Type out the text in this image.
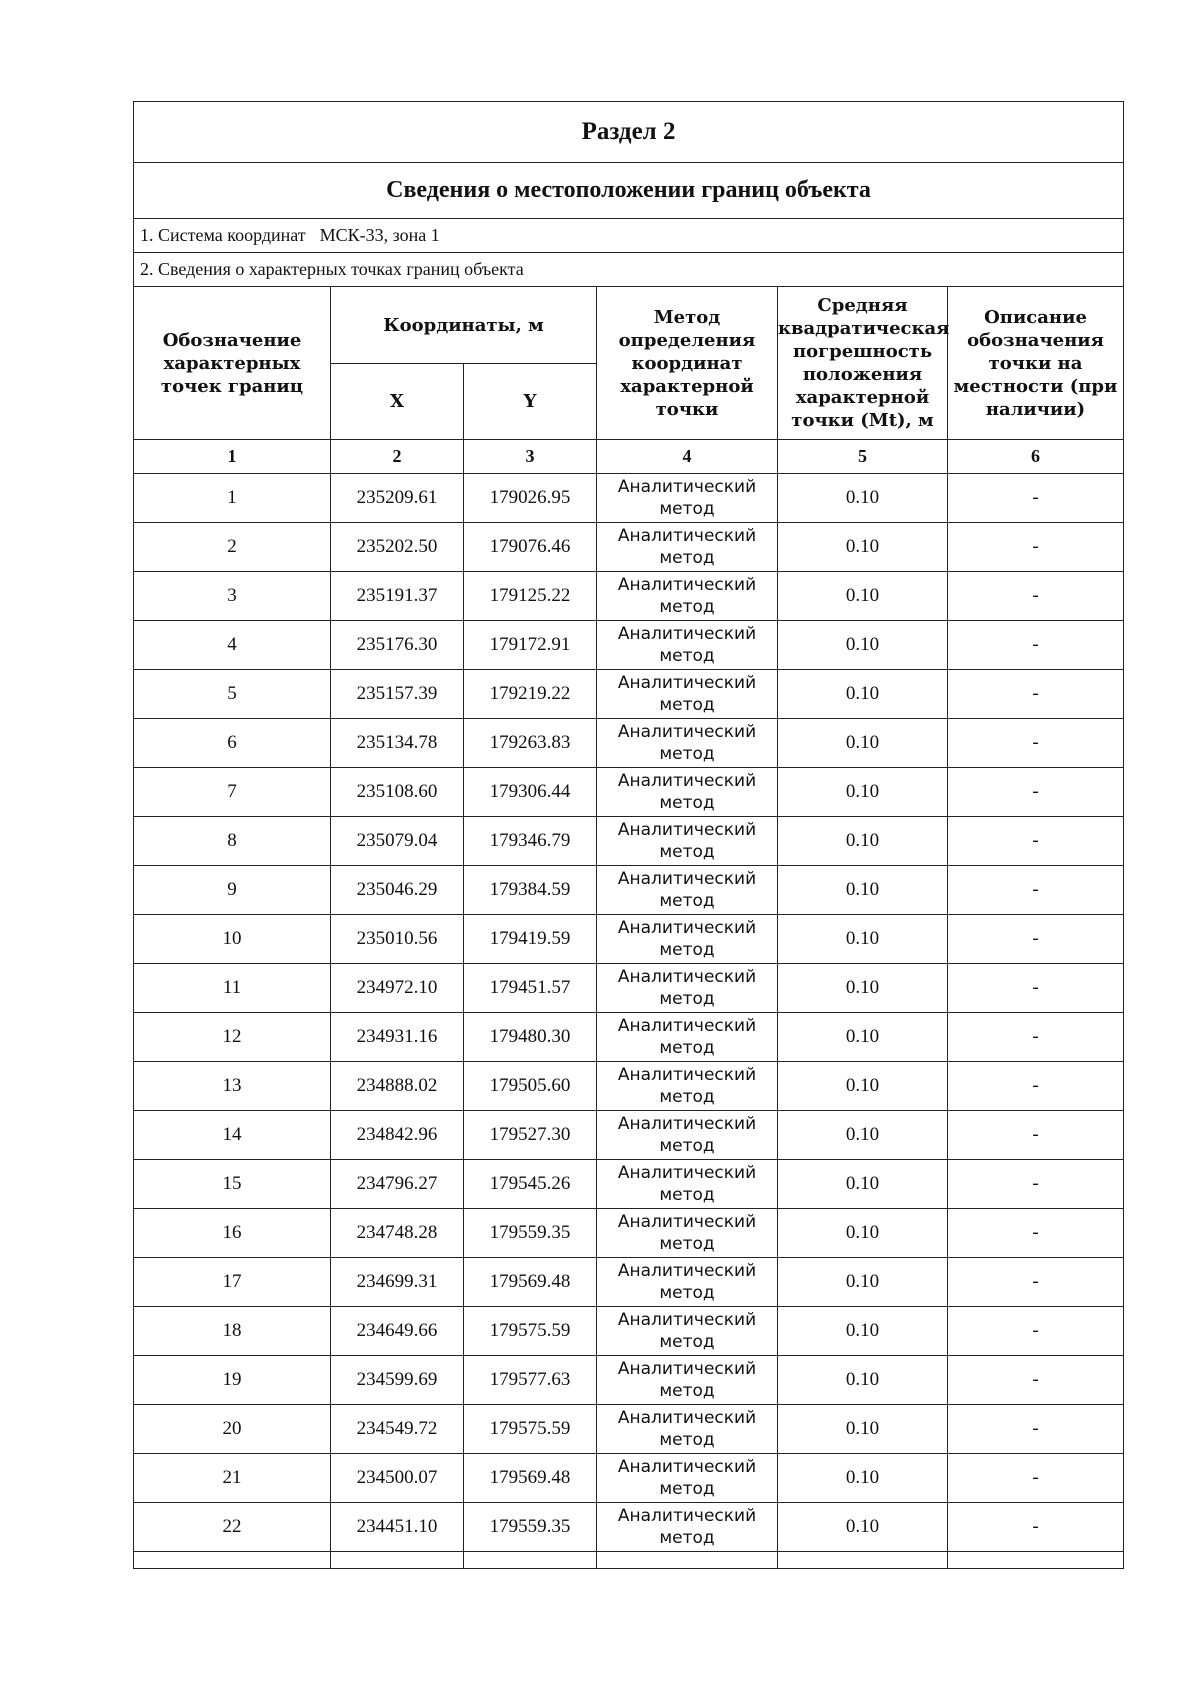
Раздел 2					
Сведения о местоположении границ объекта					
1. Система координат МСК-33, зона 1					
2. Сведения о характерных точках границ объекта					
Обозначение характерных точек границ	Координаты, м		Метод определения координат характерной точки	Средняя квадратическая погрешность положения характерной точки (Mt), м	Описание обозначения точки на местности (при наличии)
	X	Y			
1	2	3	4	5	6
1	235209.61	179026.95	Аналитический метод	0.10	-
2	235202.50	179076.46	Аналитический метод	0.10	-
3	235191.37	179125.22	Аналитический метод	0.10	-
4	235176.30	179172.91	Аналитический метод	0.10	-
5	235157.39	179219.22	Аналитический метод	0.10	-
6	235134.78	179263.83	Аналитический метод	0.10	-
7	235108.60	179306.44	Аналитический метод	0.10	-
8	235079.04	179346.79	Аналитический метод	0.10	-
9	235046.29	179384.59	Аналитический метод	0.10	-
10	235010.56	179419.59	Аналитический метод	0.10	-
11	234972.10	179451.57	Аналитический метод	0.10	-
12	234931.16	179480.30	Аналитический метод	0.10	-
13	234888.02	179505.60	Аналитический метод	0.10	-
14	234842.96	179527.30	Аналитический метод	0.10	-
15	234796.27	179545.26	Аналитический метод	0.10	-
16	234748.28	179559.35	Аналитический метод	0.10	-
17	234699.31	179569.48	Аналитический метод	0.10	-
18	234649.66	179575.59	Аналитический метод	0.10	-
19	234599.69	179577.63	Аналитический метод	0.10	-
20	234549.72	179575.59	Аналитический метод	0.10	-
21	234500.07	179569.48	Аналитический метод	0.10	-
22	234451.10	179559.35	Аналитический метод	0.10	-
